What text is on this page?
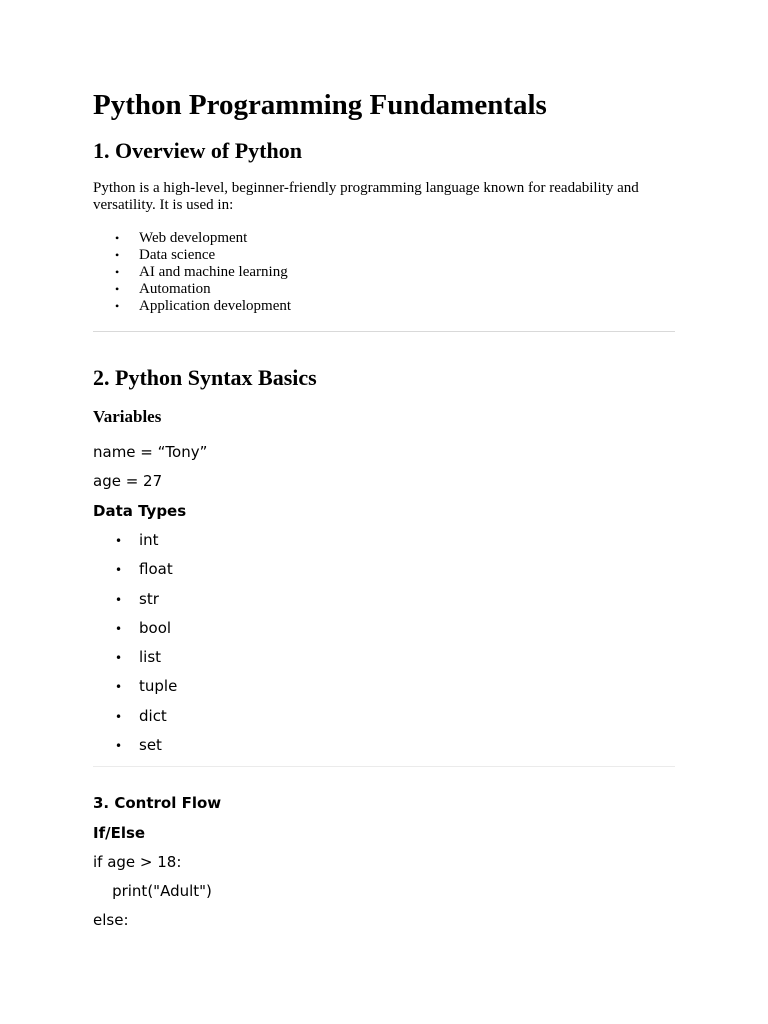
Python Programming Fundamentals
1. Overview of Python

Python is a high-level, beginner-friendly programming language known for readability and versatility. It is used in:

• Web development
• Data science
• AI and machine learning
• Automation
• Application development
2. Python Syntax Basics
Variables

name = “Tony”

age = 27

Data Types

• int
• float
• str
• bool
• list
• tuple
• dict
• set
3. Control Flow

If/Else

if age > 18:

print("Adult")

else:
